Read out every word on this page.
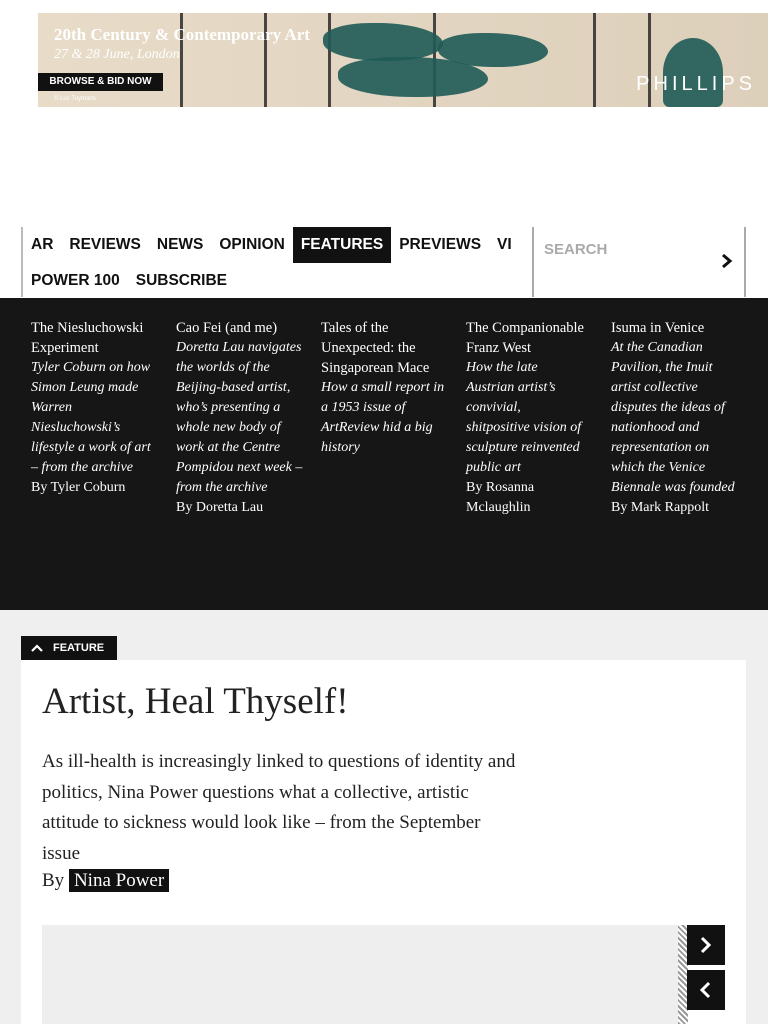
20th Century & Contemporary Art
27 & 28 June, London
BROWSE & BID NOW
© Luc Tuymans
PHILLIPS
AR	REVIEWS	NEWS	OPINION	FEATURES	PREVIEWS	VI
POWER 100	SUBSCRIBE
SEARCH
The Niesluchowski Experiment
Tyler Coburn on how Simon Leung made Warren Niesluchowski’s lifestyle a work of art – from the archive
By Tyler Coburn
Cao Fei (and me)
Doretta Lau navigates the worlds of the Beijing-based artist, who’s presenting a whole new body of work at the Centre Pompidou next week – from the archive
By Doretta Lau
Tales of the Unexpected: the Singaporean Mace
How a small report in a 1953 issue of ArtReview hid a big history
The Companionable Franz West
How the late Austrian artist’s convivial, shitpositive vision of sculpture reinvented public art
By Rosanna Mclaughlin
Isuma in Venice
At the Canadian Pavilion, the Inuit artist collective disputes the ideas of nationhood and representation on which the Venice Biennale was founded
By Mark Rappolt
FEATURE
Artist, Heal Thyself!
As ill-health is increasingly linked to questions of identity and politics, Nina Power questions what a collective, artistic attitude to sickness would look like – from the September issue
By Nina Power
